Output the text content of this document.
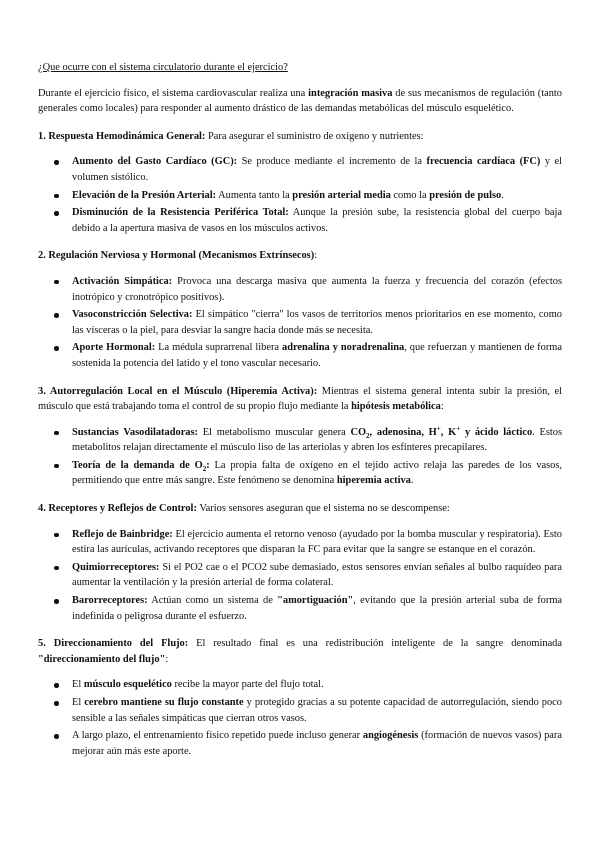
¿Que ocurre con el sistema circulatorio durante el ejercicio?

Durante el ejercicio físico, el sistema cardiovascular realiza una integración masiva de sus mecanismos de regulación (tanto generales como locales) para responder al aumento drástico de las demandas metabólicas del músculo esquelético.

1. Respuesta Hemodinámica General: Para asegurar el suministro de oxígeno y nutrientes:

Aumento del Gasto Cardíaco (GC): Se produce mediante el incremento de la frecuencia cardíaca (FC) y el volumen sistólico.
Elevación de la Presión Arterial: Aumenta tanto la presión arterial media como la presión de pulso.
Disminución de la Resistencia Periférica Total: Aunque la presión sube, la resistencia global del cuerpo baja debido a la apertura masiva de vasos en los músculos activos.

2. Regulación Nerviosa y Hormonal (Mecanismos Extrínsecos):

Activación Simpática: Provoca una descarga masiva que aumenta la fuerza y frecuencia del corazón (efectos inotrópico y cronotrópico positivos).
Vasoconstricción Selectiva: El simpático "cierra" los vasos de territorios menos prioritarios en ese momento, como las vísceras o la piel, para desviar la sangre hacia donde más se necesita.
Aporte Hormonal: La médula suprarrenal libera adrenalina y noradrenalina, que refuerzan y mantienen de forma sostenida la potencia del latido y el tono vascular necesario.

3. Autorregulación Local en el Músculo (Hiperemia Activa): Mientras el sistema general intenta subir la presión, el músculo que está trabajando toma el control de su propio flujo mediante la hipótesis metabólica:

Sustancias Vasodilatadoras: El metabolismo muscular genera $CO_2$, adenosina, H+, K+ y ácido láctico. Estos metabolitos relajan directamente el músculo liso de las arteriolas y abren los esfínteres precapilares.
Teoría de la demanda de $O_2$: La propia falta de oxígeno en el tejido activo relaja las paredes de los vasos, permitiendo que entre más sangre. Este fenómeno se denomina hiperemia activa.

4. Receptores y Reflejos de Control: Varios sensores aseguran que el sistema no se descompense:

Reflejo de Bainbridge: El ejercicio aumenta el retorno venoso (ayudado por la bomba muscular y respiratoria). Esto estira las aurículas, activando receptores que disparan la FC para evitar que la sangre se estanque en el corazón.
Quimiorreceptores: Si el PO2 cae o el PCO2 sube demasiado, estos sensores envían señales al bulbo raquídeo para aumentar la ventilación y la presión arterial de forma colateral.
Barorreceptores: Actúan como un sistema de "amortiguación", evitando que la presión arterial suba de forma indefinida o peligrosa durante el esfuerzo.

5. Direccionamiento del Flujo: El resultado final es una redistribución inteligente de la sangre denominada "direccionamiento del flujo":

El músculo esquelético recibe la mayor parte del flujo total.
El cerebro mantiene su flujo constante y protegido gracias a su potente capacidad de autorregulación, siendo poco sensible a las señales simpáticas que cierran otros vasos.
A largo plazo, el entrenamiento físico repetido puede incluso generar angiogénesis (formación de nuevos vasos) para mejorar aún más este aporte.
